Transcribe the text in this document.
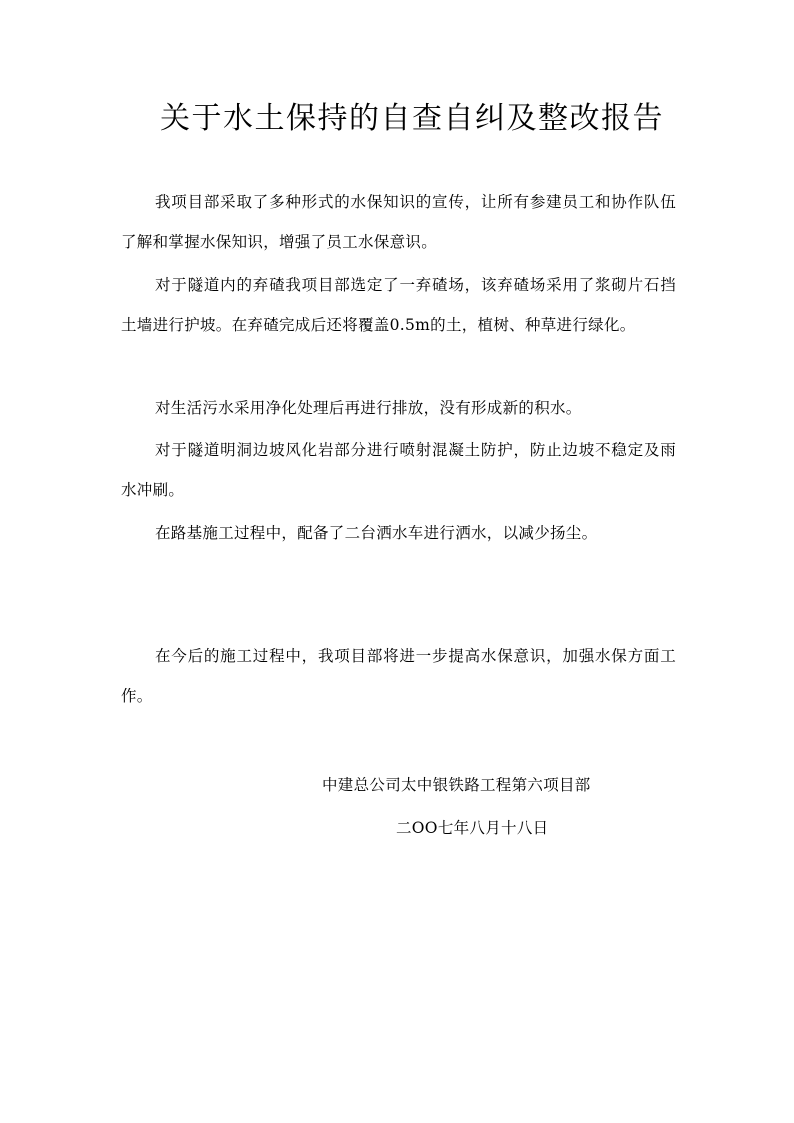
关于水土保持的自查自纠及整改报告

我项目部采取了多种形式的水保知识的宣传，让所有参建员工和协作队伍了解和掌握水保知识，增强了员工水保意识。

对于隧道内的弃碴我项目部选定了一弃碴场，该弃碴场采用了浆砌片石挡土墙进行护坡。在弃碴完成后还将覆盖0.5m的土，植树、种草进行绿化。

对生活污水采用净化处理后再进行排放，没有形成新的积水。

对于隧道明洞边坡风化岩部分进行喷射混凝土防护，防止边坡不稳定及雨水冲刷。

在路基施工过程中，配备了二台洒水车进行洒水，以减少扬尘。

在今后的施工过程中，我项目部将进一步提高水保意识，加强水保方面工作。

中建总公司太中银铁路工程第六项目部

二OO七年八月十八日
